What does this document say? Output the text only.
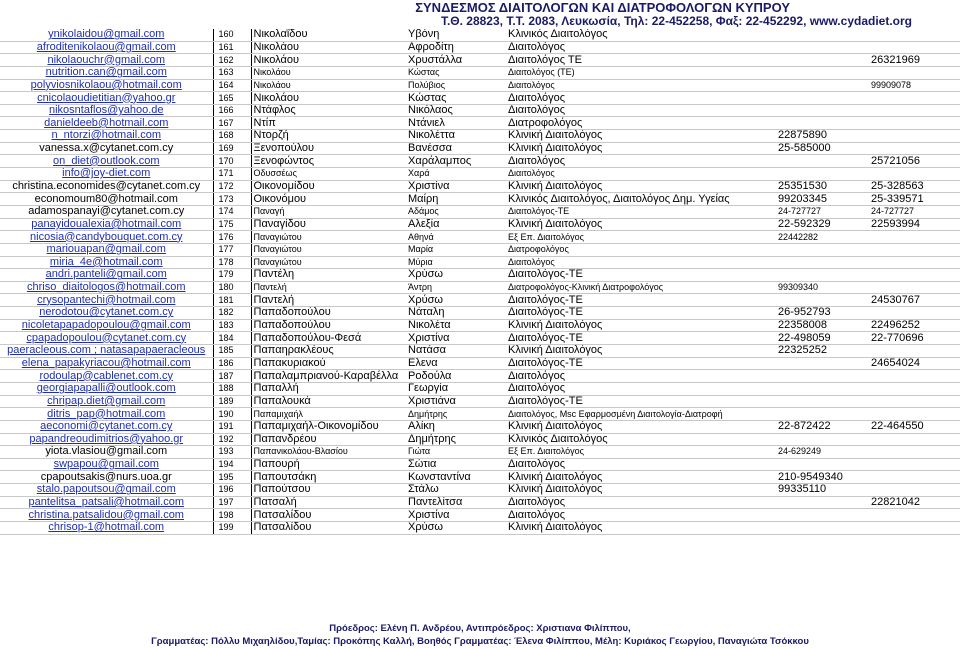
ΣΥΝΔΕΣΜΟΣ ΔΙΑΙΤΟΛΟΓΩΝ ΚΑΙ ΔΙΑΤΡΟΦΟΛΟΓΩΝ ΚΥΠΡΟΥ
Τ.Θ. 28823, Τ.Τ. 2083, Λευκωσία, Τηλ: 22-452258, Φαξ: 22-452292, www.cydadiet.org
ynikolaidou@gmail.com	160	Νικολαΐδου	Υβόνη	Κλινικός Διαιτολόγος		
afroditenikolaou@gmail.com	161	Νικολάου	Αφροδίτη	Διαιτολόγος		
nikolaouchr@gmail.com	162	Νικολάου	Χρυστάλλα	Διαιτολόγος ΤΕ		26321969
nutrition.can@gmail.com	163	Νικολάου	Κώστας	Διαιτολόγος (ΤΕ)		
polyviosnikolaou@hotmail.com	164	Νικολάου	Πολύβιος	Διαιτολόγος		99909078
cnicolaoudietitian@yahoo.gr	165	Νικολάου	Κώστας	Διαιτολόγος		
nikosntaflos@yahoo.de	166	Ντάφλος	Νικόλαος	Διαιτολόγος		
danieldeeb@hotmail.com	167	Ντίπ	Ντάνιελ	Διατροφολόγος		
n_ntorzi@hotmail.com	168	Ντορζή	Νικολέττα	Κλινική Διαιτολόγος	22875890	
vanessa.x@cytanet.com.cy	169	Ξενοπούλου	Βανέσσα	Κλινική Διαιτολόγος	25-585000	
on_diet@outlook.com	170	Ξενοφώντος	Χαράλαμπος	Διαιτολόγος		25721056
info@joy-diet.com	171	Οδυσσέως	Χαρά	Διαιτολόγος		
christina.economides@cytanet.com.cy	172	Οικονομίδου	Χριστίνα	Κλινική Διαιτολόγος	25351530	25-328563
economoum80@hotmail.com	173	Οικονόμου	Μαίρη	Κλινικός Διαιτολόγος, Διαιτολόγος Δημ. Υγείας	99203345	25-339571
adamospanayi@cytanet.com.cy	174	Παναγή	Αδάμος	Διαιτολόγος-ΤΕ	24-727727	24-727727
panayidoualexia@hotmail.com	175	Παναγίδου	Αλεξία	Κλινική Διαιτολόγος	22-592329	22593994
nicosia@candybouquet.com.cy	176	Παναγιώτου	Αθηνά	Εξ Επ. Διαιτολόγος	22442282	
mariouapan@gmail.com	177	Παναγιώτου	Μαρία	Διατροφολόγος		
miria_4e@hotmail.com	178	Παναγιώτου	Μύρια	Διαιτολόγος		
andri.panteli@gmail.com	179	Παντέλη	Χρύσω	Διαιτολόγος-ΤΕ		
chriso_diaitologos@hotmail.com	180	Παντελή	Άντρη	Διατροφολόγος-Κλινική Διατροφολόγος	99309340	
crysopantechi@hotmail.com	181	Παντελή	Χρύσω	Διαιτολόγος-ΤΕ		24530767
nerodotou@cytanet.com.cy	182	Παπαδοπούλου	Νάταλη	Διαιτολόγος-ΤΕ	26-952793	
nicoletapapadopoulou@gmail.com	183	Παπαδοπούλου	Νικολέτα	Κλινική Διαιτολόγος	22358008	22496252
cpapadopoulou@cytanet.com.cy	184	Παπαδοπούλου-Φεσά	Χριστίνα	Διαιτολόγος-ΤΕ	22-498059	22-770696
paeracleous.com ; natasapapaeracleous	185	Παπαηρακλέους	Νατάσα	Κλινική Διαιτολόγος	22325252	
elena_papakyriacou@hotmail.com	186	Παπακυριακού	Ελενα	Διαιτολόγος-ΤΕ		24654024
rodoulap@cablenet.com.cy	187	Παπαλαμπριανού-Καραβέλλα	Ροδούλα	Διαιτολόγος		
georgiapapalli@outlook.com	188	Παπαλλή	Γεωργία	Διαιτολόγος		
chripap.diet@gmail.com	189	Παπαλουκά	Χριστιάνα	Διαιτολόγος-ΤΕ		
ditris_pap@hotmail.com	190	Παπαμιχαήλ	Δημήτρης	Διαιτολόγος, Msc Εφαρμοσμένη Διαιτολογία-Διατροφή		
aeconomi@cytanet.com.cy	191	Παπαμιχαήλ-Οικονομίδου	Αλίκη	Κλινική Διαιτολόγος	22-872422	22-464550
papandreoudimitrios@yahoo.gr	192	Παπανδρέου	Δημήτρης	Κλινικός Διαιτολόγος		
yiota.vlasiou@gmail.com	193	Παπανικολάου-Βλασίου	Γιώτα	Εξ Επ. Διαιτολόγος	24-629249	
swpapou@gmail.com	194	Παπουρή	Σώτια	Διαιτολόγος		
cpapoutsakis@nurs.uoa.gr	195	Παπουτσάκη	Κωνσταντίνα	Κλινική Διαιτολόγος	210-9549340	
stalo.papoutsou@gmail.com	196	Παπούτσου	Στάλω	Κλινική Διαιτολόγος	99335110	
pantelitsa_patsali@hotmail.com	197	Πατσαλή	Παντελίτσα	Διαιτολόγος		22821042
christina.patsalidou@gmail.com	198	Πατσαλίδου	Χριστίνα	Διαιτολόγος		
chrisop-1@hotmail.com	199	Πατσαλίδου	Χρύσω	Κλινική Διαιτολόγος		
Πρόεδρος: Ελένη Π. Ανδρέου, Αντιπρόεδρος: Χριστιανα Φιλίππου,
Γραμματέας: Πόλλυ Μιχαηλίδου,Ταμίας: Προκόπης Καλλή, Βοηθός Γραμματέας: Έλενα Φιλίππου, Μέλη: Κυριάκος Γεωργίου, Παναγιώτα Τσόκκου
